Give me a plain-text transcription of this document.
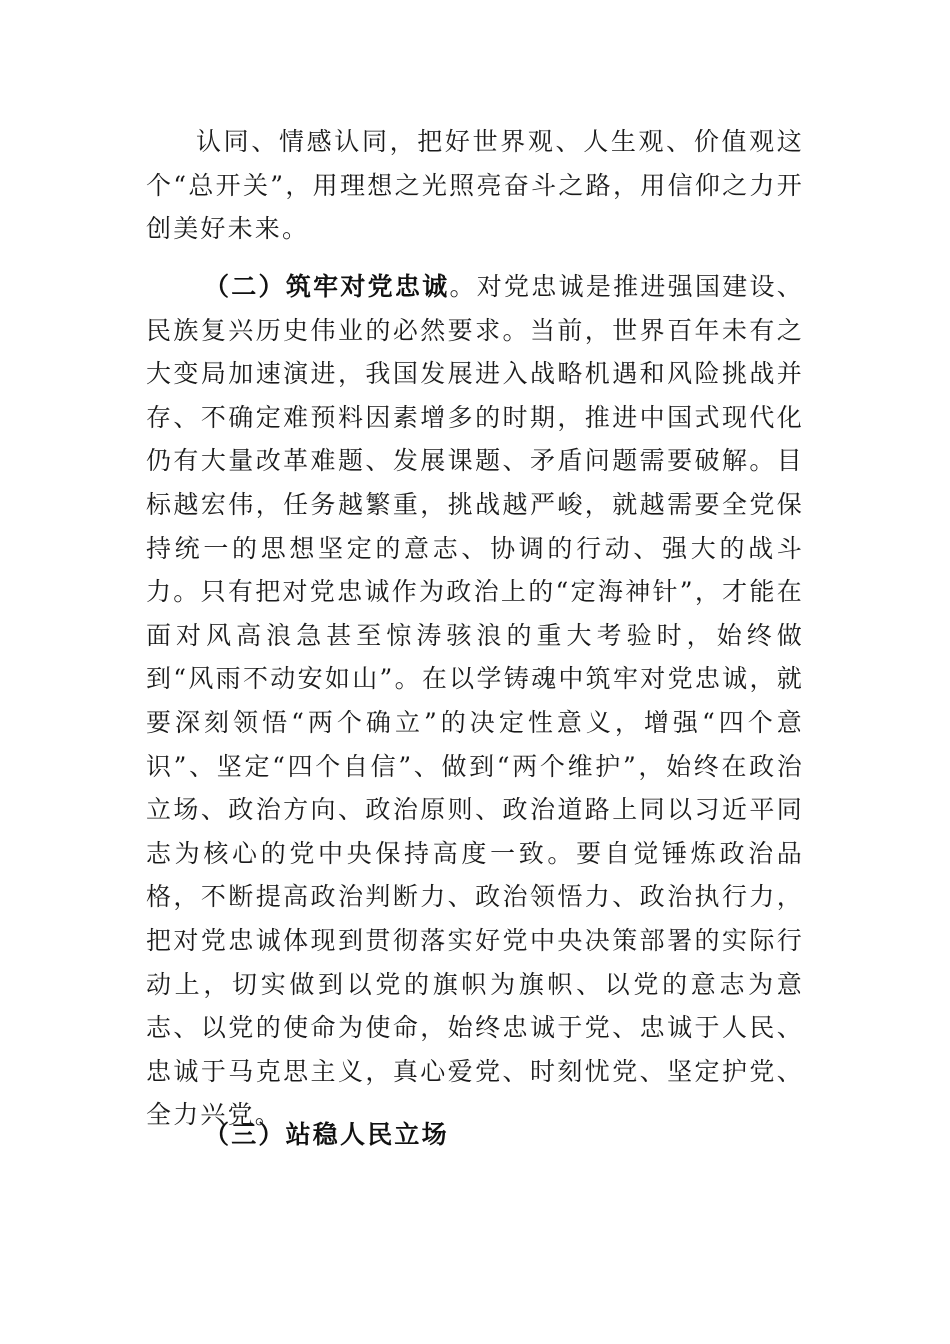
认同、情感认同，把好世界观、人生观、价值观这个“总开关”，用理想之光照亮奋斗之路，用信仰之力开创美好未来。

（二）筑牢对党忠诚。对党忠诚是推进强国建设、民族复兴历史伟业的必然要求。当前，世界百年未有之大变局加速演进，我国发展进入战略机遇和风险挑战并存、不确定难预料因素增多的时期，推进中国式现代化仍有大量改革难题、发展课题、矛盾问题需要破解。目标越宏伟，任务越繁重，挑战越严峻，就越需要全党保持统一的思想坚定的意志、协调的行动、强大的战斗力。只有把对党忠诚作为政治上的“定海神针”，才能在面对风高浪急甚至惊涛骇浪的重大考验时，始终做到“风雨不动安如山”。在以学铸魂中筑牢对党忠诚，就要深刻领悟“两个确立”的决定性意义，增强“四个意识”、坚定“四个自信”、做到“两个维护”，始终在政治立场、政治方向、政治原则、政治道路上同以习近平同志为核心的党中央保持高度一致。要自觉锤炼政治品格，不断提高政治判断力、政治领悟力、政治执行力，把对党忠诚体现到贯彻落实好党中央决策部署的实际行动上，切实做到以党的旗帜为旗帜、以党的意志为意志、以党的使命为使命，始终忠诚于党、忠诚于人民、忠诚于马克思主义，真心爱党、时刻忧党、坚定护党、全力兴党。

（三）站稳人民立场
